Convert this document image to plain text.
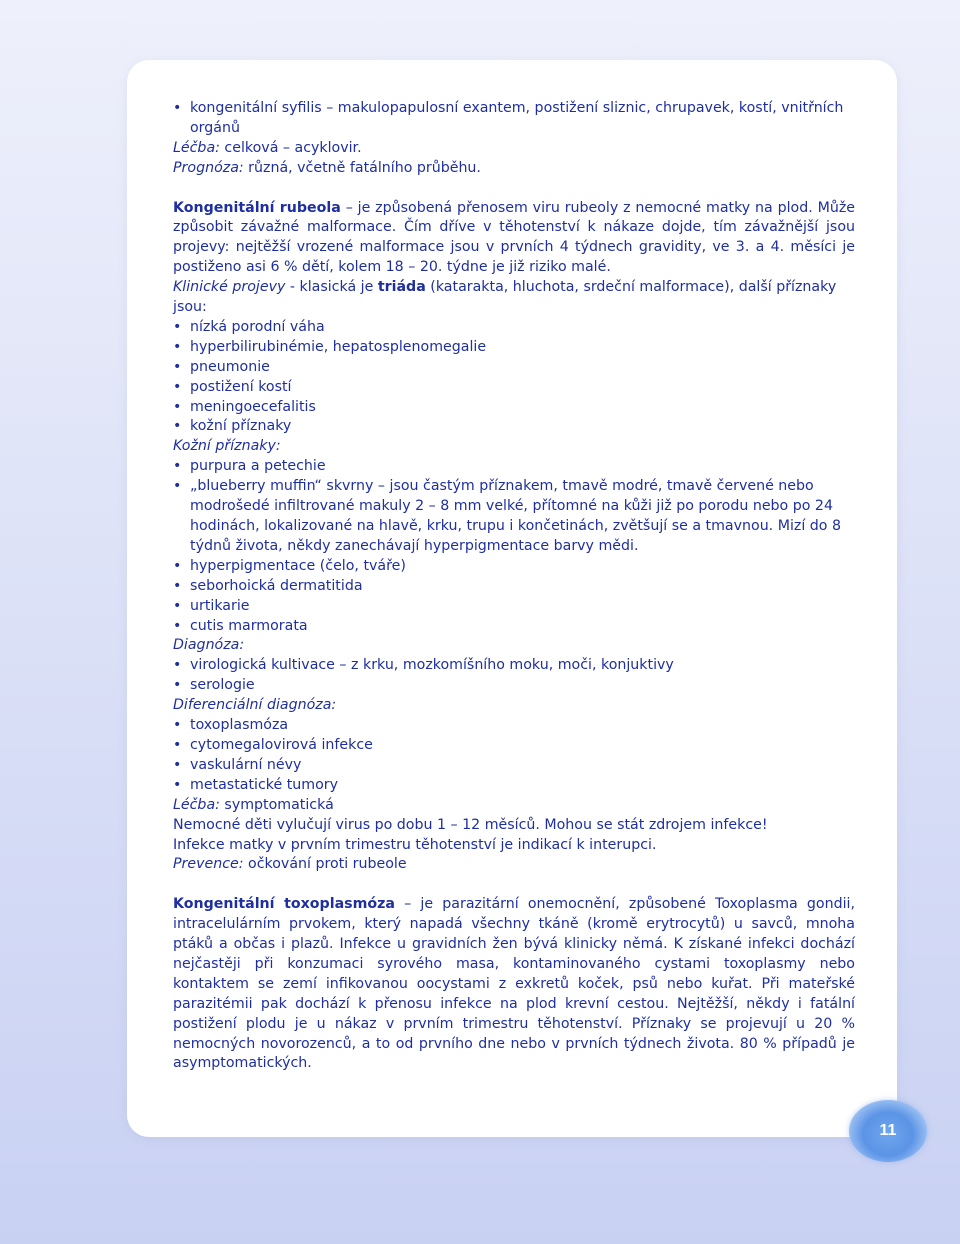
• kongenitální syfilis – makulopapulosní exantem, postižení sliznic, chrupavek, kostí, vnitřních orgánů

Léčba: celková – acyklovir.

Prognóza: různá, včetně fatálního průběhu.

Kongenitální rubeola – je způsobená přenosem viru rubeoly z nemocné matky na plod. Může způsobit závažné malformace. Čím dříve v těhotenství k nákaze dojde, tím závažnější jsou projevy: nejtěžší vrozené malformace jsou v prvních 4 týdnech gravidity, ve 3. a 4. měsíci je postiženo asi 6 % dětí, kolem 18 – 20. týdne je již riziko malé.

Klinické projevy - klasická je triáda (katarakta, hluchota, srdeční malformace), další příznaky jsou:

• nízká porodní váha

• hyperbilirubinémie, hepatosplenomegalie

• pneumonie

• postižení kostí

• meningoecefalitis

• kožní příznaky

Kožní příznaky:

• purpura a petechie

• „blueberry muffin“ skvrny – jsou častým příznakem, tmavě modré, tmavě červené nebo modrošedé infiltrované makuly 2 – 8 mm velké, přítomné na kůži již po porodu nebo po 24 hodinách, lokalizované na hlavě, krku, trupu i končetinách, zvětšují se a tmavnou. Mizí do 8 týdnů života, někdy zanechávají hyperpigmentace barvy mědi.

• hyperpigmentace (čelo, tváře)

• seborhoická dermatitida

• urtikarie

• cutis marmorata

Diagnóza:

• virologická kultivace – z krku, mozkomíšního moku, moči, konjuktivy

• serologie

Diferenciální diagnóza:

• toxoplasmóza

• cytomegalovirová infekce

• vaskulární névy

• metastatické tumory

Léčba: symptomatická

Nemocné děti vylučují virus po dobu 1 – 12 měsíců. Mohou se stát zdrojem infekce!

Infekce matky v prvním trimestru těhotenství je indikací k interupci.

Prevence: očkování proti rubeole

Kongenitální toxoplasmóza – je parazitární onemocnění, způsobené Toxoplasma gondii, intracelulárním prvokem, který napadá všechny tkáně (kromě erytrocytů) u savců, mnoha ptáků a občas i plazů. Infekce u gravidních žen bývá klinicky němá. K získané infekci dochází nejčastěji při konzumaci syrového masa, kontaminovaného cystami toxoplasmy nebo kontaktem se zemí infikovanou oocystami z exkretů koček, psů nebo kuřat. Při mateřské parazitémii pak dochází k přenosu infekce na plod krevní cestou. Nejtěžší, někdy i fatální postižení plodu je u nákaz v prvním trimestru těhotenství. Příznaky se projevují u 20 % nemocných novorozenců, a to od prvního dne nebo v prvních týdnech života. 80 % případů je asymptomatických.

11
